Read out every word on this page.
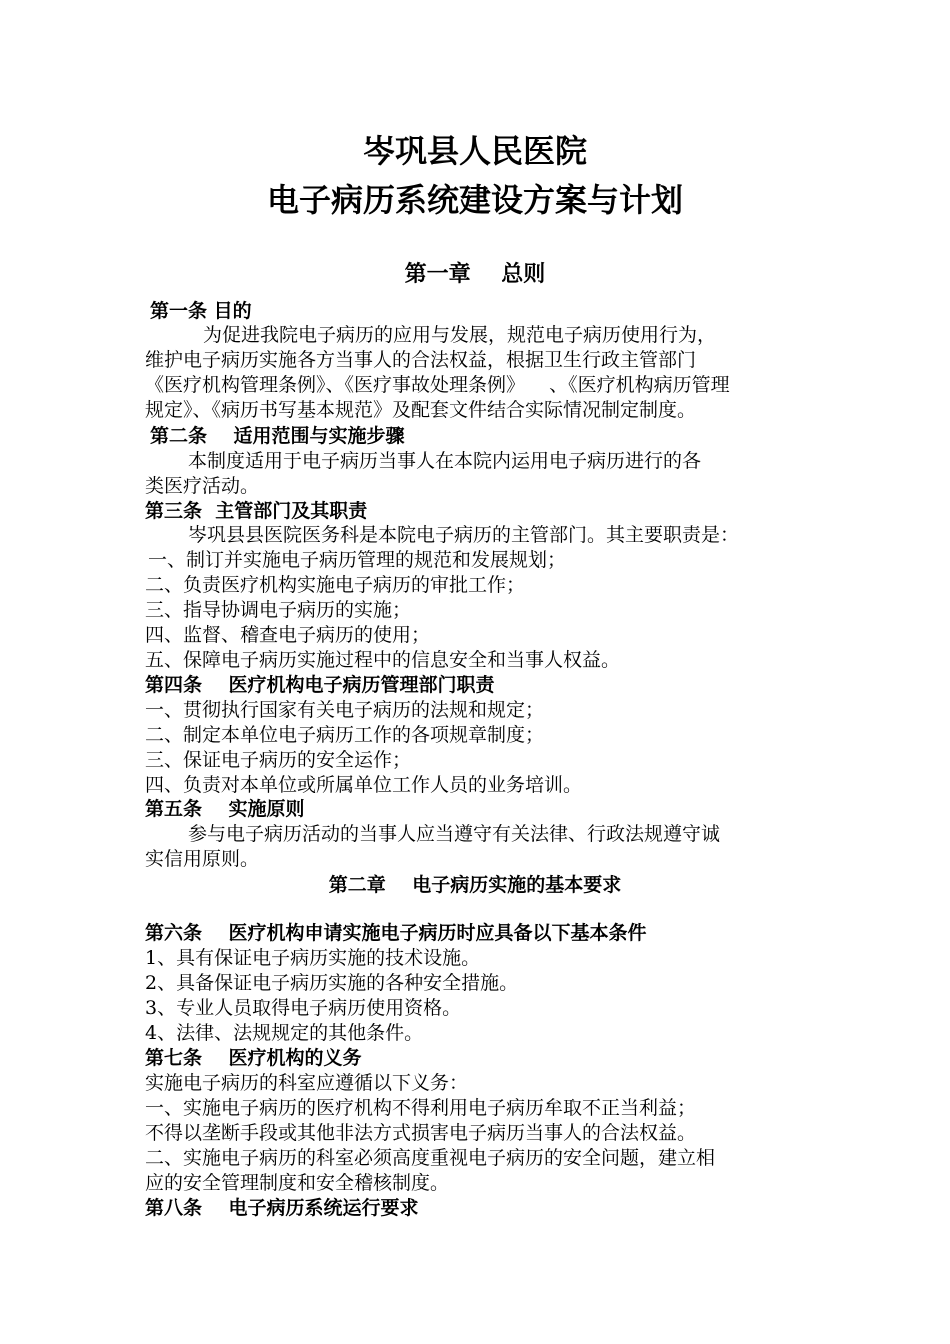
岑巩县人民医院
电子病历系统建设方案与计划
第一章    总则
第一条 目的
为促进我院电子病历的应用与发展，规范电子病历使用行为，
维护电子病历实施各方当事人的合法权益，根据卫生行政主管部门
《医疗机构管理条例》、《医疗事故处理条例》    、《医疗机构病历管理
规定》、《病历书写基本规范》及配套文件结合实际情况制定制度。
第二条    适用范围与实施步骤
本制度适用于电子病历当事人在本院内运用电子病历进行的各
类医疗活动。
第三条  主管部门及其职责
岑巩县县医院医务科是本院电子病历的主管部门。其主要职责是：
一、制订并实施电子病历管理的规范和发展规划；
二、负责医疗机构实施电子病历的审批工作；
三、指导协调电子病历的实施；
四、监督、稽查电子病历的使用；
五、保障电子病历实施过程中的信息安全和当事人权益。
第四条    医疗机构电子病历管理部门职责
一、贯彻执行国家有关电子病历的法规和规定；
二、制定本单位电子病历工作的各项规章制度；
三、保证电子病历的安全运作；
四、负责对本单位或所属单位工作人员的业务培训。
第五条    实施原则
参与电子病历活动的当事人应当遵守有关法律、行政法规遵守诚
实信用原则。
第二章    电子病历实施的基本要求
第六条    医疗机构申请实施电子病历时应具备以下基本条件
1、具有保证电子病历实施的技术设施。
2、具备保证电子病历实施的各种安全措施。
3、专业人员取得电子病历使用资格。
4、法律、法规规定的其他条件。
第七条    医疗机构的义务
实施电子病历的科室应遵循以下义务：
一、实施电子病历的医疗机构不得利用电子病历牟取不正当利益；
不得以垄断手段或其他非法方式损害电子病历当事人的合法权益。
二、实施电子病历的科室必须高度重视电子病历的安全问题，建立相
应的安全管理制度和安全稽核制度。
第八条    电子病历系统运行要求
